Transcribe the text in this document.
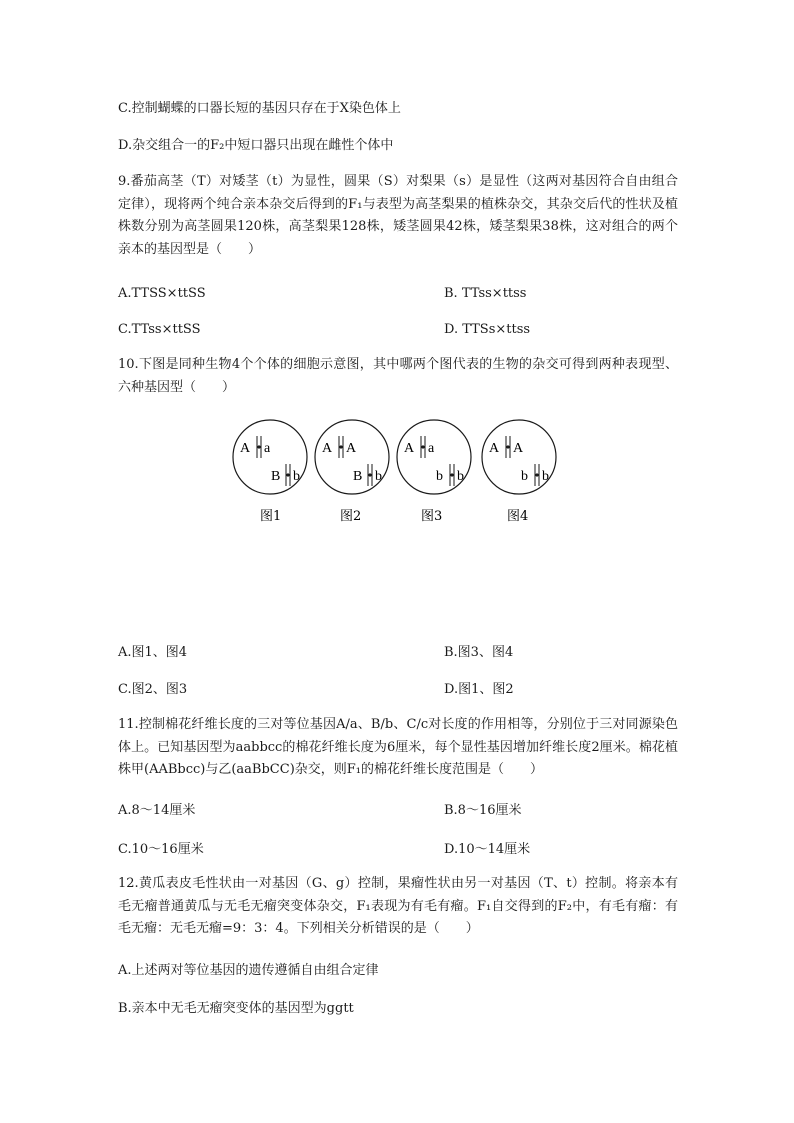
C.控制蝴蝶的口器长短的基因只存在于X染色体上
D.杂交组合一的F₂中短口器只出现在雌性个体中
9.番茄高茎（T）对矮茎（t）为显性，圆果（S）对梨果（s）是显性（这两对基因符合自由组合定律），现将两个纯合亲本杂交后得到的F₁与表型为高茎梨果的植株杂交，其杂交后代的性状及植株数分别为高茎圆果120株，高茎梨果128株，矮茎圆果42株，矮茎梨果38株，这对组合的两个亲本的基因型是（　　）
A.TTSS×ttSS	B. TTss×ttss
C.TTss×ttSS	D. TTSs×ttss
10.下图是同种生物4个个体的细胞示意图，其中哪两个图代表的生物的杂交可得到两种表现型、六种基因型（　　）
A a
B b
A A
B b
A a
b b
A A
b b
图1	图2	图3	图4
A.图1、图4	B.图3、图4
C.图2、图3	D.图1、图2
11.控制棉花纤维长度的三对等位基因A/a、B/b、C/c对长度的作用相等，分别位于三对同源染色体上。已知基因型为aabbcc的棉花纤维长度为6厘米，每个显性基因增加纤维长度2厘米。棉花植株甲(AABbcc)与乙(aaBbCC)杂交，则F₁的棉花纤维长度范围是（　　）
A.8～14厘米	B.8～16厘米
C.10～16厘米	D.10～14厘米
12.黄瓜表皮毛性状由一对基因（G、g）控制，果瘤性状由另一对基因（T、t）控制。将亲本有毛无瘤普通黄瓜与无毛无瘤突变体杂交，F₁表现为有毛有瘤。F₁自交得到的F₂中，有毛有瘤：有毛无瘤：无毛无瘤=9：3：4。下列相关分析错误的是（　　）
A.上述两对等位基因的遗传遵循自由组合定律
B.亲本中无毛无瘤突变体的基因型为ggtt
